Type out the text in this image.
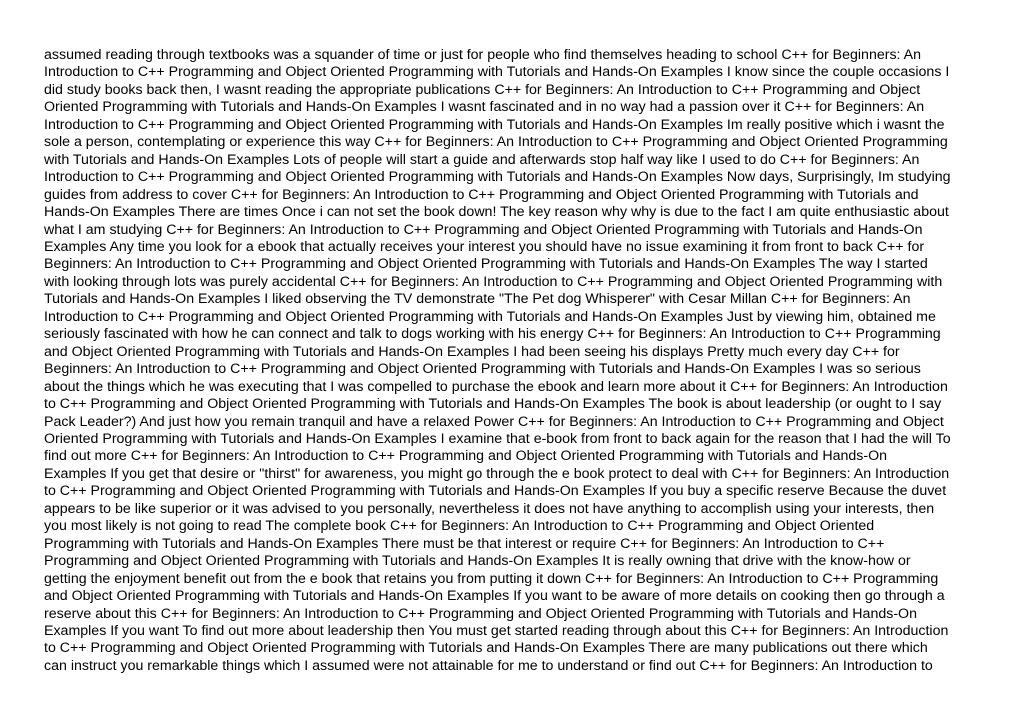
assumed reading through textbooks was a squander of time or just for people who find themselves heading to school C++ for Beginners: An
Introduction to C++ Programming and Object Oriented Programming with Tutorials and Hands-On Examples I know since the couple occasions I
did study books back then, I wasnt reading the appropriate publications C++ for Beginners: An Introduction to C++ Programming and Object
Oriented Programming with Tutorials and Hands-On Examples I wasnt fascinated and in no way had a passion over it C++ for Beginners: An
Introduction to C++ Programming and Object Oriented Programming with Tutorials and Hands-On Examples Im really positive which i wasnt the
sole a person, contemplating or experience this way C++ for Beginners: An Introduction to C++ Programming and Object Oriented Programming
with Tutorials and Hands-On Examples Lots of people will start a guide and afterwards stop half way like I used to do C++ for Beginners: An
Introduction to C++ Programming and Object Oriented Programming with Tutorials and Hands-On Examples Now days, Surprisingly, Im studying
guides from address to cover C++ for Beginners: An Introduction to C++ Programming and Object Oriented Programming with Tutorials and
Hands-On Examples There are times Once i can not set the book down! The key reason why why is due to the fact I am quite enthusiastic about
what I am studying C++ for Beginners: An Introduction to C++ Programming and Object Oriented Programming with Tutorials and Hands-On
Examples Any time you look for a ebook that actually receives your interest you should have no issue examining it from front to back C++ for
Beginners: An Introduction to C++ Programming and Object Oriented Programming with Tutorials and Hands-On Examples The way I started
with looking through lots was purely accidental C++ for Beginners: An Introduction to C++ Programming and Object Oriented Programming with
Tutorials and Hands-On Examples I liked observing the TV demonstrate "The Pet dog Whisperer" with Cesar Millan C++ for Beginners: An
Introduction to C++ Programming and Object Oriented Programming with Tutorials and Hands-On Examples Just by viewing him, obtained me
seriously fascinated with how he can connect and talk to dogs working with his energy C++ for Beginners: An Introduction to C++ Programming
and Object Oriented Programming with Tutorials and Hands-On Examples I had been seeing his displays Pretty much every day C++ for
Beginners: An Introduction to C++ Programming and Object Oriented Programming with Tutorials and Hands-On Examples I was so serious
about the things which he was executing that I was compelled to purchase the ebook and learn more about it C++ for Beginners: An Introduction
to C++ Programming and Object Oriented Programming with Tutorials and Hands-On Examples The book is about leadership (or ought to I say
Pack Leader?) And just how you remain tranquil and have a relaxed Power C++ for Beginners: An Introduction to C++ Programming and Object
Oriented Programming with Tutorials and Hands-On Examples I examine that e-book from front to back again for the reason that I had the will To
find out more C++ for Beginners: An Introduction to C++ Programming and Object Oriented Programming with Tutorials and Hands-On
Examples If you get that desire or "thirst" for awareness, you might go through the e book protect to deal with C++ for Beginners: An Introduction
to C++ Programming and Object Oriented Programming with Tutorials and Hands-On Examples If you buy a specific reserve Because the duvet
appears to be like superior or it was advised to you personally, nevertheless it does not have anything to accomplish using your interests, then
you most likely is not going to read The complete book C++ for Beginners: An Introduction to C++ Programming and Object Oriented
Programming with Tutorials and Hands-On Examples There must be that interest or require C++ for Beginners: An Introduction to C++
Programming and Object Oriented Programming with Tutorials and Hands-On Examples It is really owning that drive with the know-how or
getting the enjoyment benefit out from the e book that retains you from putting it down C++ for Beginners: An Introduction to C++ Programming
and Object Oriented Programming with Tutorials and Hands-On Examples If you want to be aware of more details on cooking then go through a
reserve about this C++ for Beginners: An Introduction to C++ Programming and Object Oriented Programming with Tutorials and Hands-On
Examples If you want To find out more about leadership then You must get started reading through about this C++ for Beginners: An Introduction
to C++ Programming and Object Oriented Programming with Tutorials and Hands-On Examples There are many publications out there which
can instruct you remarkable things which I assumed were not attainable for me to understand or find out C++ for Beginners: An Introduction to
